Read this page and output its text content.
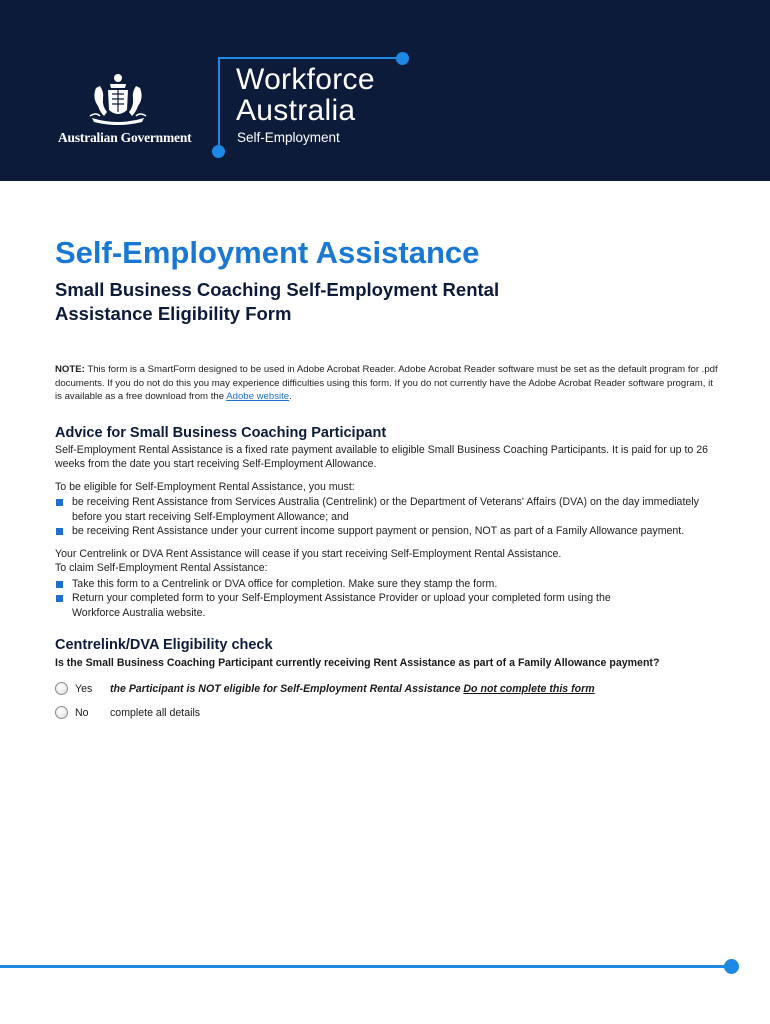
Australian Government
Workforce
Australia
Self-Employment
Self-Employment Assistance
Small Business Coaching Self-Employment Rental Assistance Eligibility Form

NOTE: This form is a SmartForm designed to be used in Adobe Acrobat Reader. Adobe Acrobat Reader software must be set as the default program for .pdf documents. If you do not do this you may experience difficulties using this form. If you do not currently have the Adobe Acrobat Reader software program, it is available as a free download from the Adobe website.

Advice for Small Business Coaching Participant

Self-Employment Rental Assistance is a fixed rate payment available to eligible Small Business Coaching Participants. It is paid for up to 26 weeks from the date you start receiving Self-Employment Allowance.

To be eligible for Self-Employment Rental Assistance, you must:

be receiving Rent Assistance from Services Australia (Centrelink) or the Department of Veterans' Affairs (DVA) on the day immediately before you start receiving Self-Employment Allowance; and
be receiving Rent Assistance under your current income support payment or pension, NOT as part of a Family Allowance payment.

Your Centrelink or DVA Rent Assistance will cease if you start receiving Self-Employment Rental Assistance.

To claim Self-Employment Rental Assistance:

Take this form to a Centrelink or DVA office for completion. Make sure they stamp the form.
Return your completed form to your Self-Employment Assistance Provider or upload your completed form using the Workforce Australia website.
Centrelink/DVA Eligibility check

Is the Small Business Coaching Participant currently receiving Rent Assistance as part of a Family Allowance payment?

Yes the Participant is NOT eligible for Self-Employment Rental Assistance Do not complete this form
No complete all details
